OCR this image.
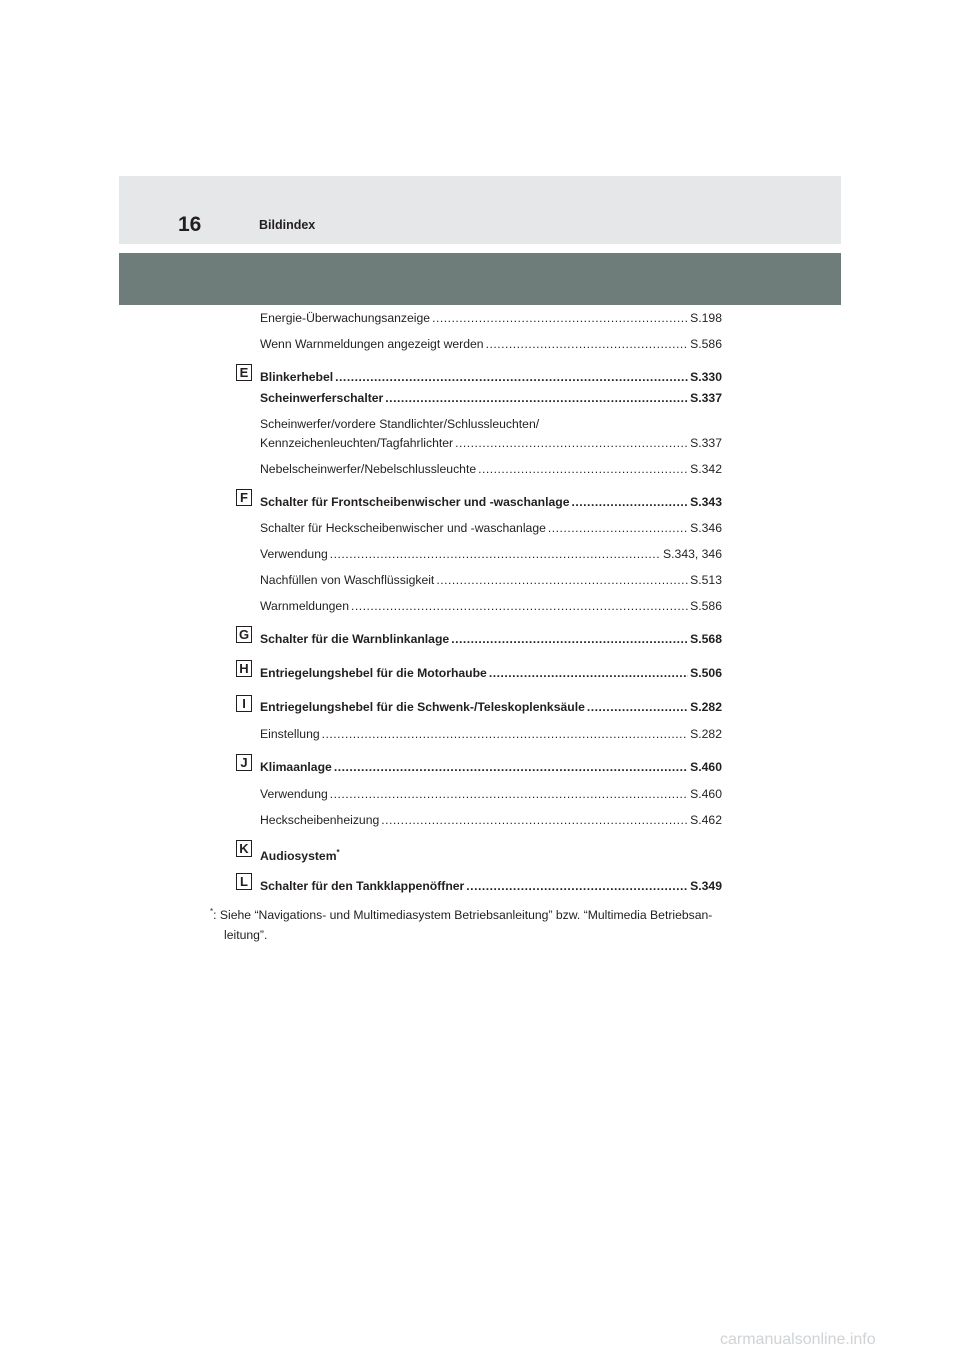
16	Bildindex
Energie-Überwachungsanzeige .....	S.198
Wenn Warnmeldungen angezeigt werden .....	S.586
E Blinkerhebel .....	S.330
Scheinwerferschalter .....	S.337
Scheinwerfer/vordere Standlichter/Schlussleuchten/
Kennzeichenleuchten/Tagfahrlichter .....	S.337
Nebelscheinwerfer/Nebelschlussleuchte .....	S.342
F Schalter für Frontscheibenwischer und -waschanlage .....	S.343
Schalter für Heckscheibenwischer und -waschanlage .....	S.346
Verwendung .....	S.343, 346
Nachfüllen von Waschflüssigkeit .....	S.513
Warnmeldungen .....	S.586
G Schalter für die Warnblinkanlage .....	S.568
H Entriegelungshebel für die Motorhaube .....	S.506
I	Entriegelungshebel für die Schwenk-/Teleskoplenksäule .....	S.282
Einstellung .....	S.282
J	Klimaanlage .....	S.460
Verwendung .....	S.460
Heckscheibenheizung .....	S.462
K
Audiosystem*
L Schalter für den Tankklappenöffner .....	S.349
*: Siehe “Navigations- und Multimediasystem Betriebsanleitung” bzw. “Multimedia Betriebsan-
leitung”.
carmanualsonline.info
